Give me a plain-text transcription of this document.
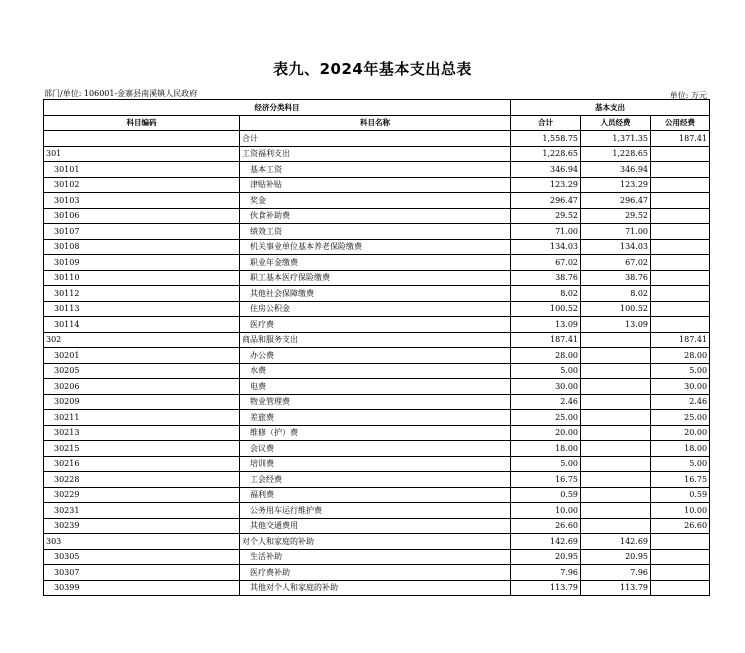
表九、2024年基本支出总表
部门/单位: 106001-金寨县南溪镇人民政府	单位: 万元
经济分类科目		基本支出		
科目编码	科目名称	合计	人员经费	公用经费
	合计	1,558.75	1,371.35	187.41
301	工资福利支出	1,228.65	1,228.65	
30101	基本工资	346.94	346.94	
30102	津贴补贴	123.29	123.29	
30103	奖金	296.47	296.47	
30106	伙食补助费	29.52	29.52	
30107	绩效工资	71.00	71.00	
30108	机关事业单位基本养老保险缴费	134.03	134.03	
30109	职业年金缴费	67.02	67.02	
30110	职工基本医疗保险缴费	38.76	38.76	
30112	其他社会保障缴费	8.02	8.02	
30113	住房公积金	100.52	100.52	
30114	医疗费	13.09	13.09	
302	商品和服务支出	187.41		187.41
30201	办公费	28.00		28.00
30205	水费	5.00		5.00
30206	电费	30.00		30.00
30209	物业管理费	2.46		2.46
30211	差旅费	25.00		25.00
30213	维修（护）费	20.00		20.00
30215	会议费	18.00		18.00
30216	培训费	5.00		5.00
30228	工会经费	16.75		16.75
30229	福利费	0.59		0.59
30231	公务用车运行维护费	10.00		10.00
30239	其他交通费用	26.60		26.60
303	对个人和家庭的补助	142.69	142.69	
30305	生活补助	20.95	20.95	
30307	医疗费补助	7.96	7.96	
30399	其他对个人和家庭的补助	113.79	113.79	
